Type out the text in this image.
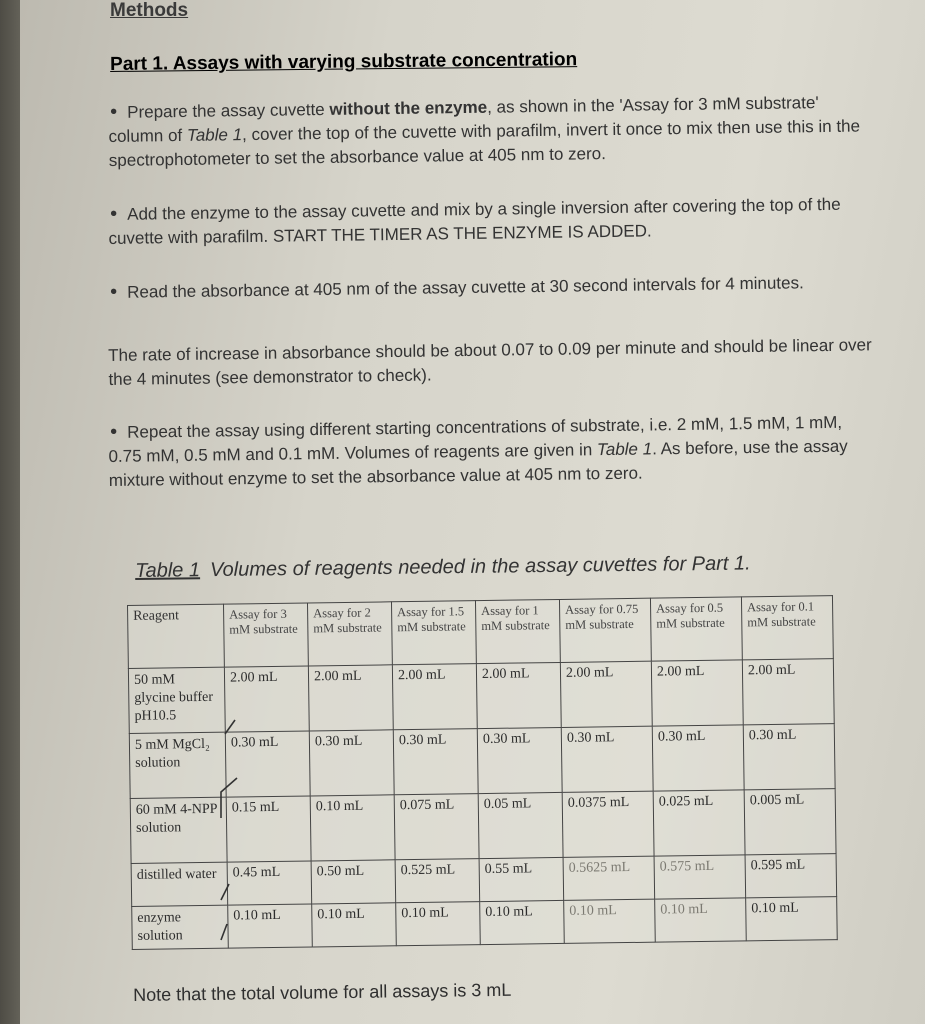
Methods
Part 1. Assays with varying substrate concentration
• Prepare the assay cuvette without the enzyme, as shown in the 'Assay for 3 mM substrate' column of Table 1, cover the top of the cuvette with parafilm, invert it once to mix then use this in the spectrophotometer to set the absorbance value at 405 nm to zero.
• Add the enzyme to the assay cuvette and mix by a single inversion after covering the top of the cuvette with parafilm. START THE TIMER AS THE ENZYME IS ADDED.
• Read the absorbance at 405 nm of the assay cuvette at 30 second intervals for 4 minutes.
The rate of increase in absorbance should be about 0.07 to 0.09 per minute and should be linear over the 4 minutes (see demonstrator to check).
• Repeat the assay using different starting concentrations of substrate, i.e. 2 mM, 1.5 mM, 1 mM, 0.75 mM, 0.5 mM and 0.1 mM. Volumes of reagents are given in Table 1. As before, use the assay mixture without enzyme to set the absorbance value at 405 nm to zero.
Table 1 Volumes of reagents needed in the assay cuvettes for Part 1.
Reagent	Assay for 3 mM substrate	Assay for 2 mM substrate	Assay for 1.5 mM substrate	Assay for 1 mM substrate	Assay for 0.75 mM substrate	Assay for 0.5 mM substrate	Assay for 0.1 mM substrate
50 mM glycine buffer pH10.5	2.00 mL	2.00 mL	2.00 mL	2.00 mL	2.00 mL	2.00 mL	2.00 mL
5 mM MgCl₂ solution	0.30 mL	0.30 mL	0.30 mL	0.30 mL	0.30 mL	0.30 mL	0.30 mL
60 mM 4-NPP solution	0.15 mL	0.10 mL	0.075 mL	0.05 mL	0.0375 mL	0.025 mL	0.005 mL
distilled water	0.45 mL	0.50 mL	0.525 mL	0.55 mL	0.5625 mL	0.575 mL	0.595 mL
enzyme solution	0.10 mL	0.10 mL	0.10 mL	0.10 mL	0.10 mL	0.10 mL	0.10 mL
Note that the total volume for all assays is 3 mL
